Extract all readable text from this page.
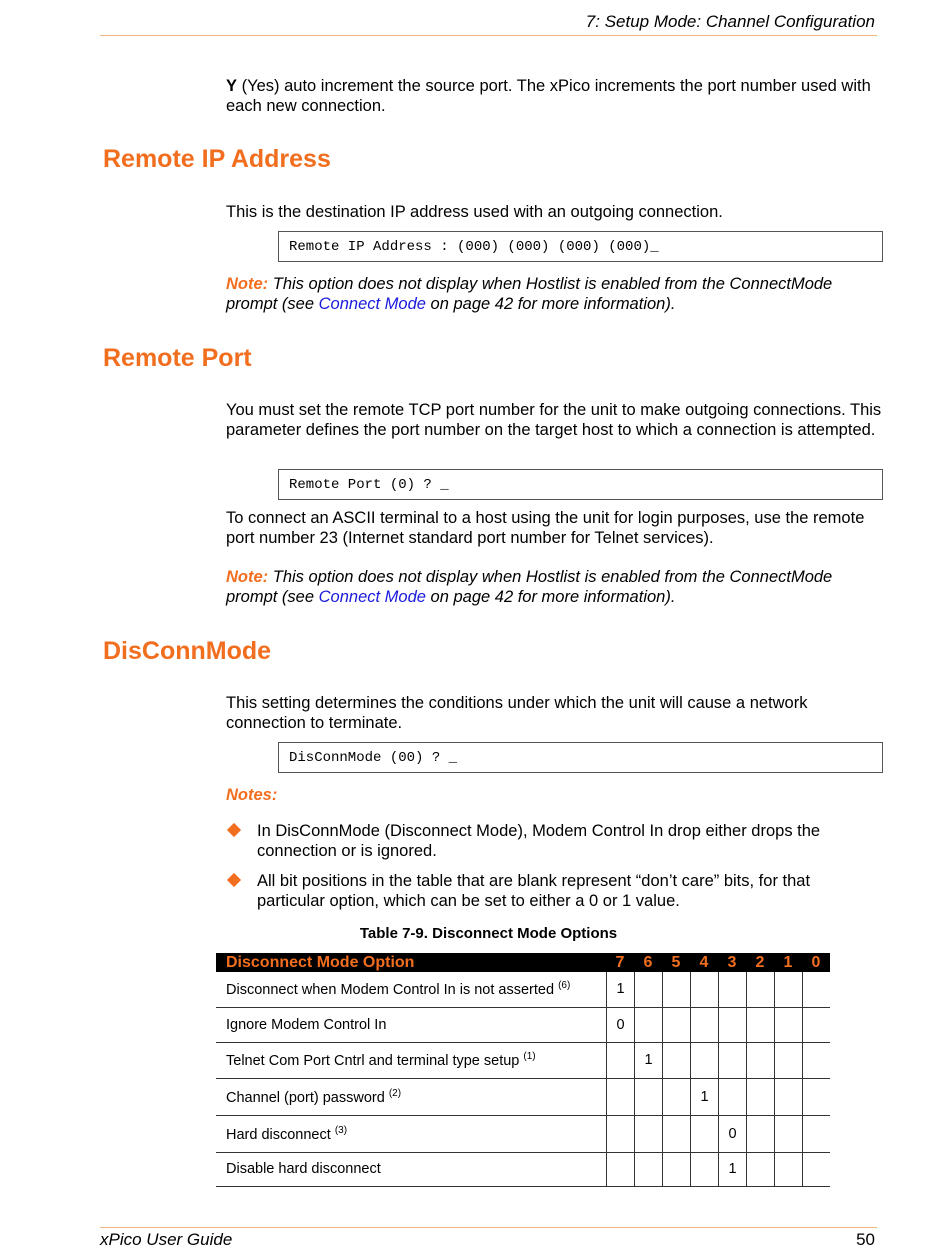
7: Setup Mode: Channel Configuration
Y (Yes) auto increment the source port. The xPico increments the port number used with each new connection.
Remote IP Address
This is the destination IP address used with an outgoing connection.
Remote IP Address : (000) (000) (000) (000)_
Note: This option does not display when Hostlist is enabled from the ConnectMode prompt (see Connect Mode on page 42 for more information).
Remote Port
You must set the remote TCP port number for the unit to make outgoing connections. This parameter defines the port number on the target host to which a connection is attempted.
Remote Port (0) ? _
To connect an ASCII terminal to a host using the unit for login purposes, use the remote port number 23 (Internet standard port number for Telnet services).
Note: This option does not display when Hostlist is enabled from the ConnectMode prompt (see Connect Mode on page 42 for more information).
DisConnMode
This setting determines the conditions under which the unit will cause a network connection to terminate.
DisConnMode (00) ? _
Notes:
In DisConnMode (Disconnect Mode), Modem Control In drop either drops the connection or is ignored.
All bit positions in the table that are blank represent “don’t care” bits, for that particular option, which can be set to either a 0 or 1 value.
Table 7-9. Disconnect Mode Options
Disconnect Mode Option	7	6	5	4	3	2	1	0
Disconnect when Modem Control In is not asserted $^{(6)}$	1							
Ignore Modem Control In	0							
Telnet Com Port Cntrl and terminal type setup $^{(1)}$		1						
Channel (port) password $^{(2)}$				1				
Hard disconnect $^{(3)}$					0			
Disable hard disconnect					1			
xPico User Guide	50
